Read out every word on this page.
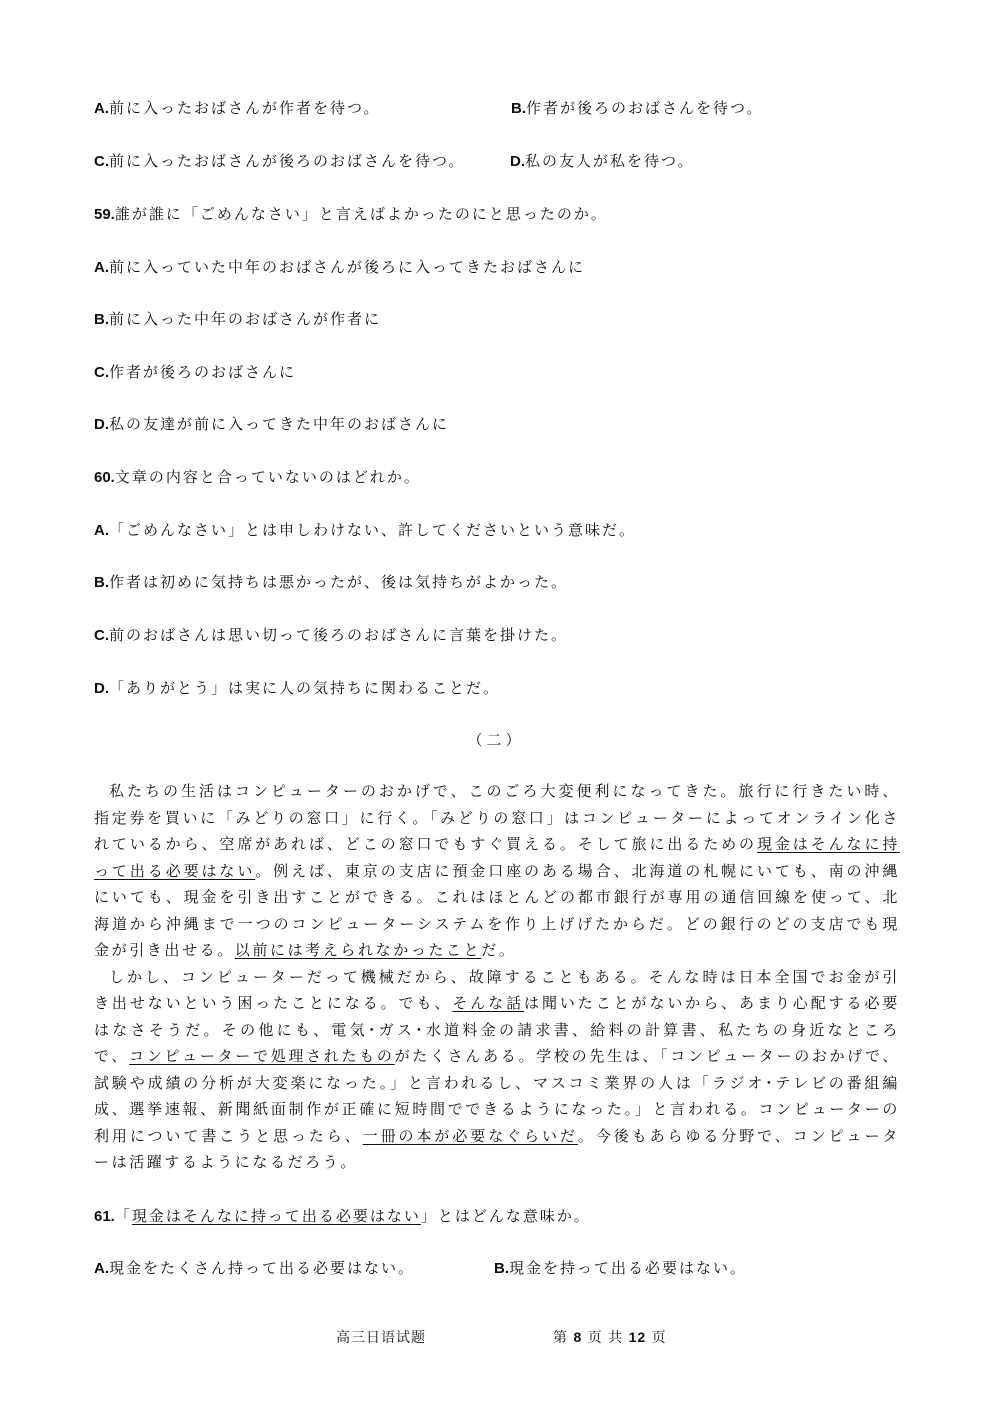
A.前に入ったおばさんが作者を待つ。	B.作者が後ろのおばさんを待つ。
C.前に入ったおばさんが後ろのおばさんを待つ。	D.私の友人が私を待つ。
59.誰が誰に「ごめんなさい」と言えばよかったのにと思ったのか。
A.前に入っていた中年のおばさんが後ろに入ってきたおばさんに
B.前に入った中年のおばさんが作者に
C.作者が後ろのおばさんに
D.私の友達が前に入ってきた中年のおばさんに
60.文章の内容と合っていないのはどれか。
A.「ごめんなさい」とは申しわけない、許してくださいという意味だ。
B.作者は初めに気持ちは悪かったが、後は気持ちがよかった。
C.前のおばさんは思い切って後ろのおばさんに言葉を掛けた。
D.「ありがとう」は実に人の気持ちに関わることだ。
（二）

私たちの生活はコンピューターのおかげで、このごろ大変便利になってきた。旅行に行きたい時、指定券を買いに「みどりの窓口」に行く。「みどりの窓口」はコンピューターによってオンライン化されているから、空席があれば、どこの窓口でもすぐ買える。そして旅に出るための現金はそんなに持って出る必要はない。例えば、東京の支店に預金口座のある場合、北海道の札幌にいても、南の沖縄にいても、現金を引き出すことができる。これはほとんどの都市銀行が専用の通信回線を使って、北海道から沖縄まで一つのコンピューターシステムを作り上げげたからだ。どの銀行のどの支店でも現金が引き出せる。以前には考えられなかったことだ。

しかし、コンピューターだって機械だから、故障することもある。そんな時は日本全国でお金が引き出せないという困ったことになる。でも、そんな話は聞いたことがないから、あまり心配する必要はなさそうだ。その他にも、電気･ガス･水道料金の請求書、給料の計算書、私たちの身近なところで、コンピューターで処理されたものがたくさんある。学校の先生は、「コンピューターのおかげで、試験や成績の分析が大変楽になった。」と言われるし、マスコミ業界の人は「ラジオ･テレビの番組編成、選挙速報、新聞紙面制作が正確に短時間でできるようになった。」と言われる。コンピューターの利用について書こうと思ったら、一冊の本が必要なぐらいだ。今後もあらゆる分野で、コンピューターは活躍するようになるだろう。

61.「現金はそんなに持って出る必要はない」とはどんな意味か。
A.現金をたくさん持って出る必要はない。	B.現金を持って出る必要はない。
高三日语试题	第 8 页 共 12 页
